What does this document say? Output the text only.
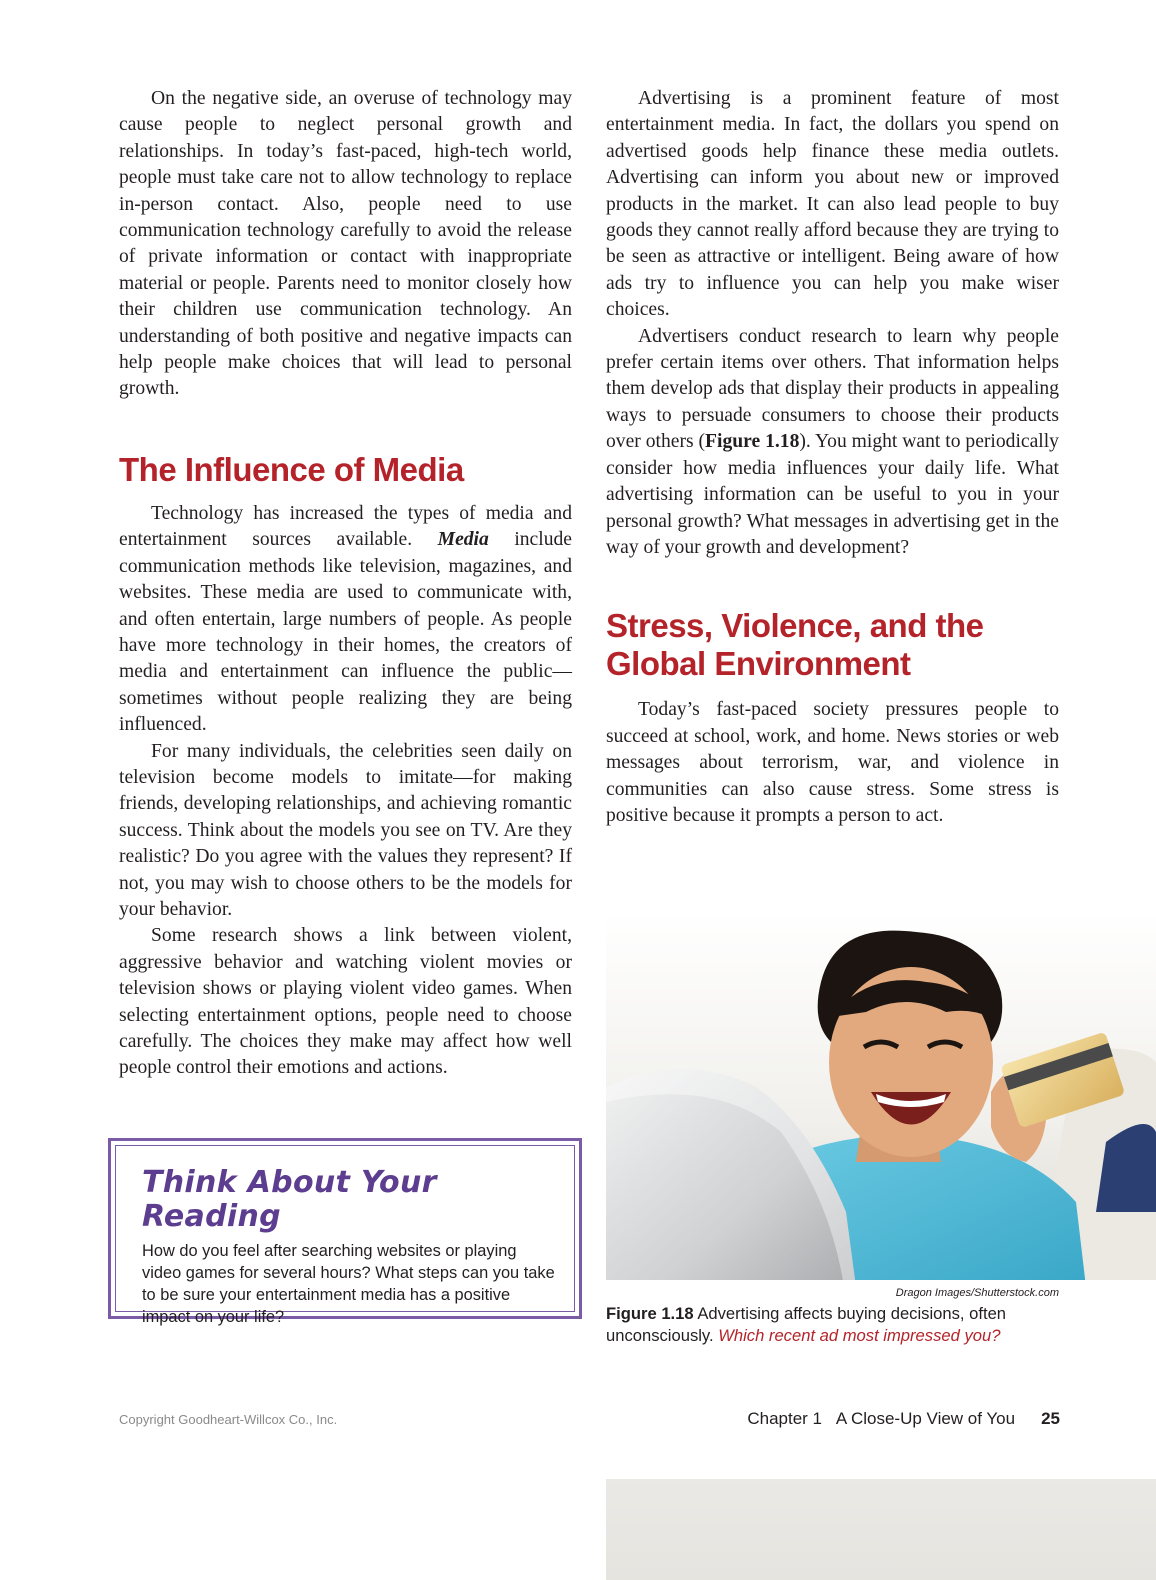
On the negative side, an overuse of technology may cause people to neglect personal growth and relationships. In today’s fast-paced, high-tech world, people must take care not to allow technology to replace in-person contact. Also, people need to use communication technology carefully to avoid the release of private information or contact with inappropriate material or people. Parents need to monitor closely how their children use communication technology. An understanding of both positive and negative impacts can help people make choices that will lead to personal growth.

The Influence of Media

Technology has increased the types of media and entertainment sources available. Media include communication methods like television, magazines, and websites. These media are used to communicate with, and often entertain, large numbers of people. As people have more technology in their homes, the creators of media and entertainment can influence the public—sometimes without people realizing they are being influenced.

For many individuals, the celebrities seen daily on television become models to imitate—for making friends, developing relationships, and achieving romantic success. Think about the models you see on TV. Are they realistic? Do you agree with the values they represent? If not, you may wish to choose others to be the models for your behavior.

Some research shows a link between violent, aggressive behavior and watching violent movies or television shows or playing violent video games. When selecting entertainment options, people need to choose carefully. The choices they make may affect how well people control their emotions and actions.

Think About Your Reading

How do you feel after searching websites or playing video games for several hours? What steps can you take to be sure your entertainment media has a positive impact on your life?

Advertising is a prominent feature of most entertainment media. In fact, the dollars you spend on advertised goods help finance these media outlets. Advertising can inform you about new or improved products in the market. It can also lead people to buy goods they cannot really afford because they are trying to be seen as attractive or intelligent. Being aware of how ads try to influence you can help you make wiser choices.

Advertisers conduct research to learn why people prefer certain items over others. That information helps them develop ads that display their products in appealing ways to persuade consumers to choose their products over others (Figure 1.18). You might want to periodically consider how media influences your daily life. What advertising information can be useful to you in your personal growth? What messages in advertising get in the way of your growth and development?

Stress, Violence, and the Global Environment

Today’s fast-paced society pressures people to succeed at school, work, and home. News stories or web messages about terrorism, war, and violence in communities can also cause stress. Some stress is positive because it prompts a person to act.

Dragon Images/Shutterstock.com

Figure 1.18 Advertising affects buying decisions, often unconsciously. Which recent ad most impressed you?

Copyright Goodheart-Willcox Co., Inc.	Chapter 1 A Close-Up View of You 25
